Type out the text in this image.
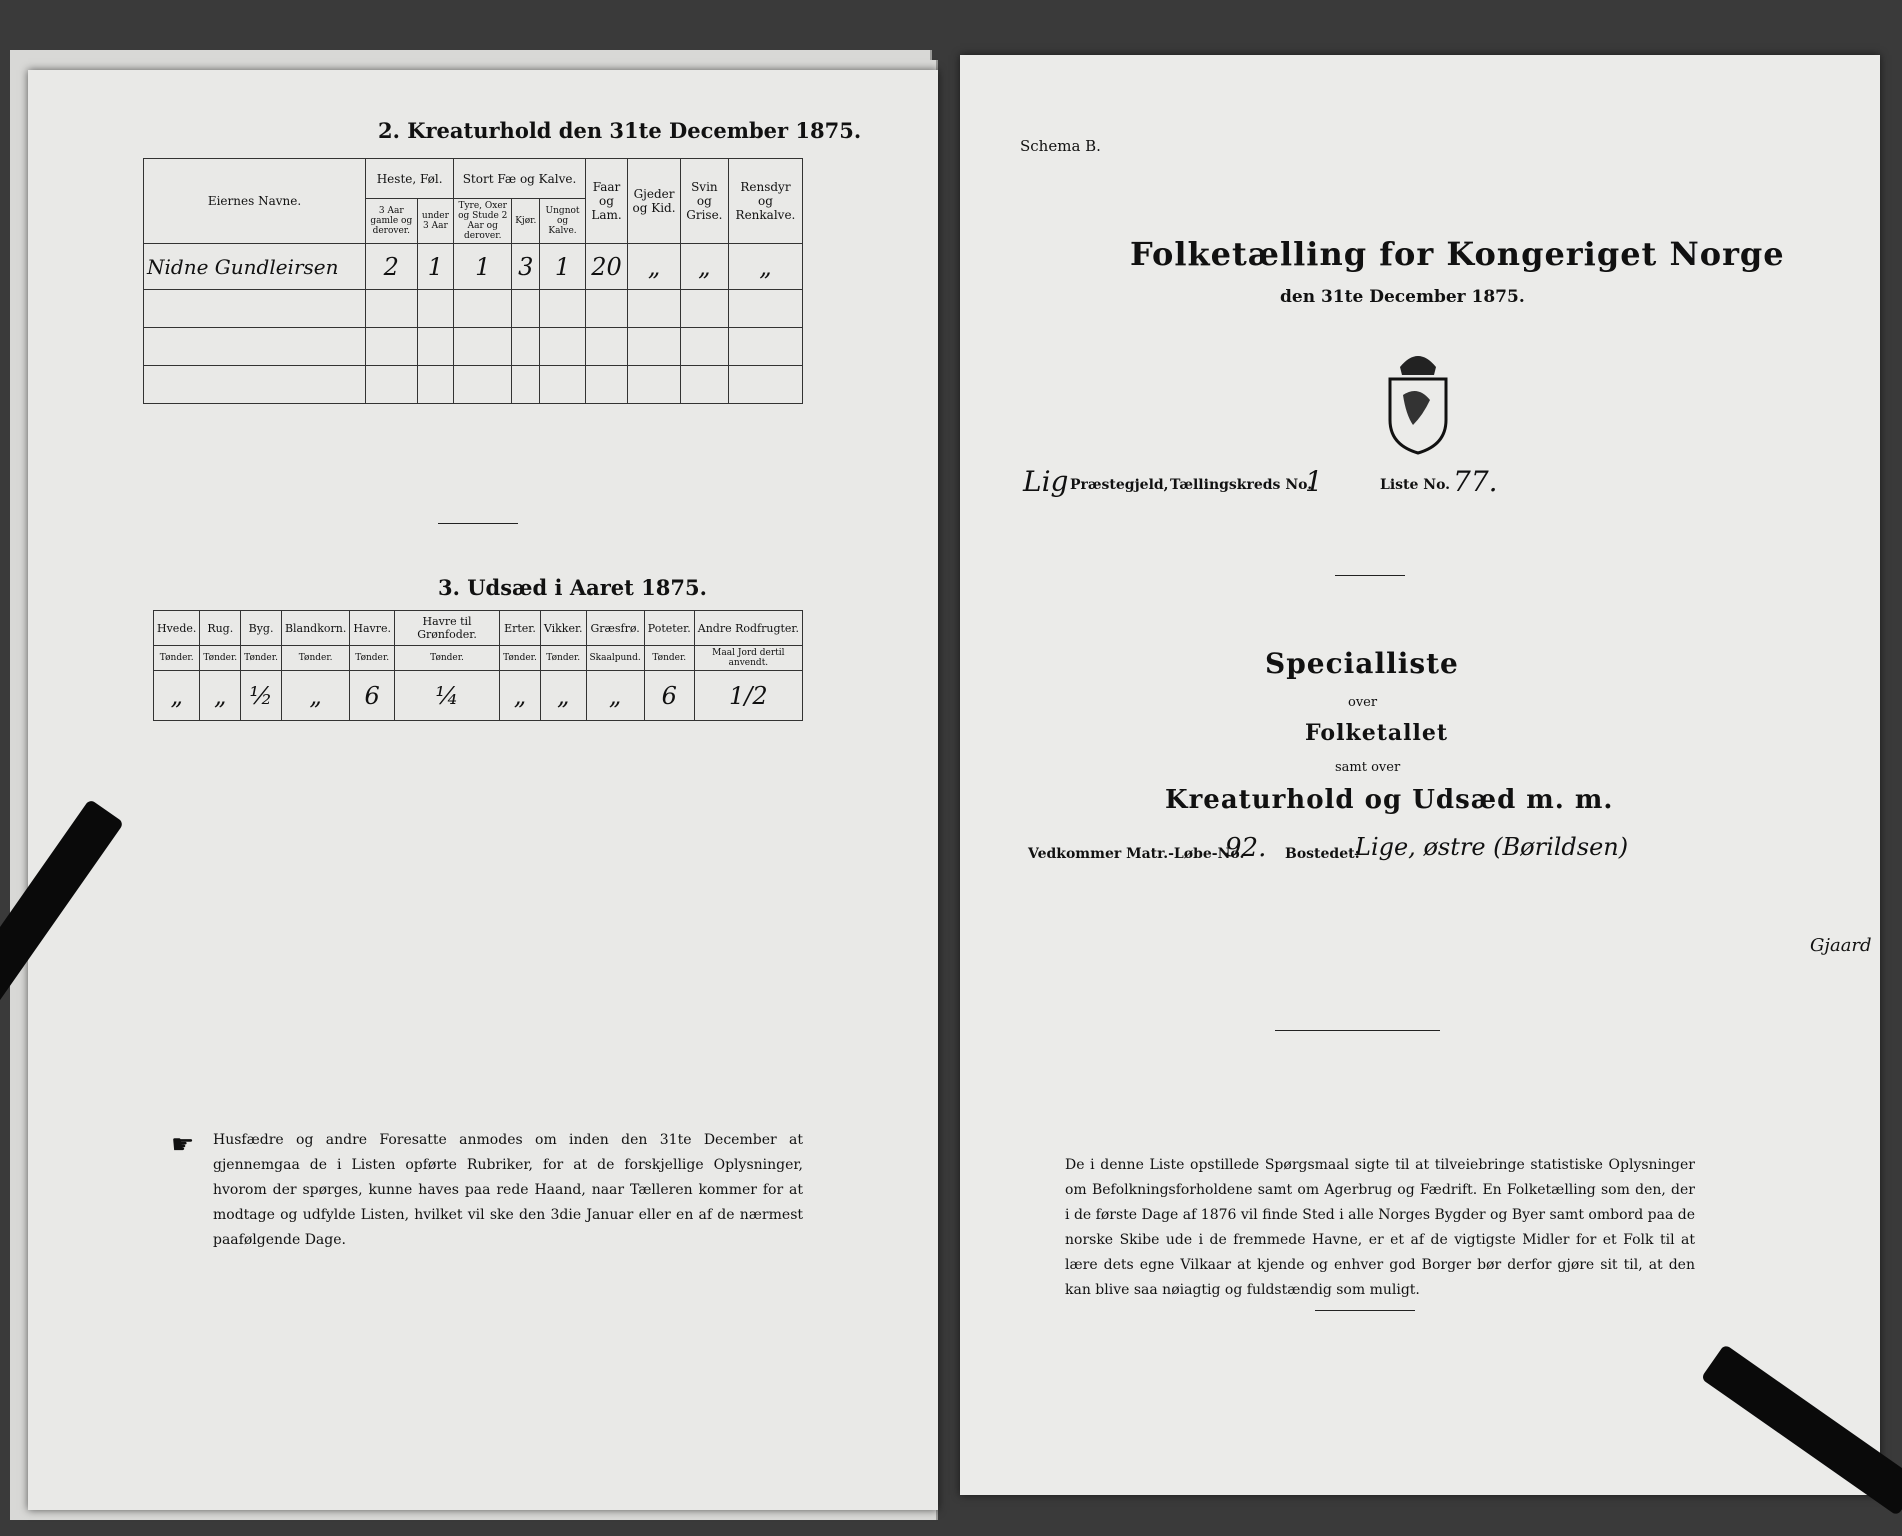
2. Kreaturhold den 31te December 1875.
Eiernes Navne.	Heste, Føl.		Stort Fæ og Kalve.			Faar og Lam.	Gjeder og Kid.	Svin og Grise.	Rensdyr og Renkalve.
	3 Aar gamle og derover.	under 3 Aar	Tyre, Oxer og Stude 2 Aar og derover.	Kjør.	Ungnot og Kalve.				
Nidne Gundleirsen	2	1	1	3	1	20	„	„	„

3. Udsæd i Aaret 1875.
Hvede.	Rug.	Byg.	Blandkorn.	Havre.	Havre til Grønfoder.	Erter.	Vikker.	Græsfrø.	Poteter.	Andre Rodfrugter.
Tønder.	Tønder.	Tønder.	Tønder.	Tønder.	Tønder.	Tønder.	Tønder.	Skaalpund.	Tønder.	Maal Jord dertil anvendt.
„	„	½	„	6	¼	„	„	„	6	1/2
☛ Husfædre og andre Foresatte anmodes om inden den 31te December at gjennemgaa de i Listen opførte Rubriker, for at de forskjellige Oplysninger, hvorom der spørges, kunne haves paa rede Haand, naar Tælleren kommer for at modtage og udfylde Listen, hvilket vil ske den 3die Januar eller en af de nærmest paafølgende Dage.
Schema B.
Folketælling for Kongeriget Norge
den 31te December 1875.
Lig Præstegjeld, Tællingskreds No.
1	Liste No. 77.
Specialliste
over
Folketallet
samt over
Kreaturhold og Udsæd m. m.
Vedkommer Matr.-Løbe-No.
92. Bostedet:
Lige, østre (Børildsen)
Gjaard
De i denne Liste opstillede Spørgsmaal sigte til at tilveiebringe statistiske Oplysninger om Befolkningsforholdene samt om Agerbrug og Fædrift. En Folketælling som den, der i de første Dage af 1876 vil finde Sted i alle Norges Bygder og Byer samt ombord paa de norske Skibe ude i de fremmede Havne, er et af de vigtigste Midler for et Folk til at lære dets egne Vilkaar at kjende og enhver god Borger bør derfor gjøre sit til, at den kan blive saa nøiagtig og fuldstændig som muligt.
